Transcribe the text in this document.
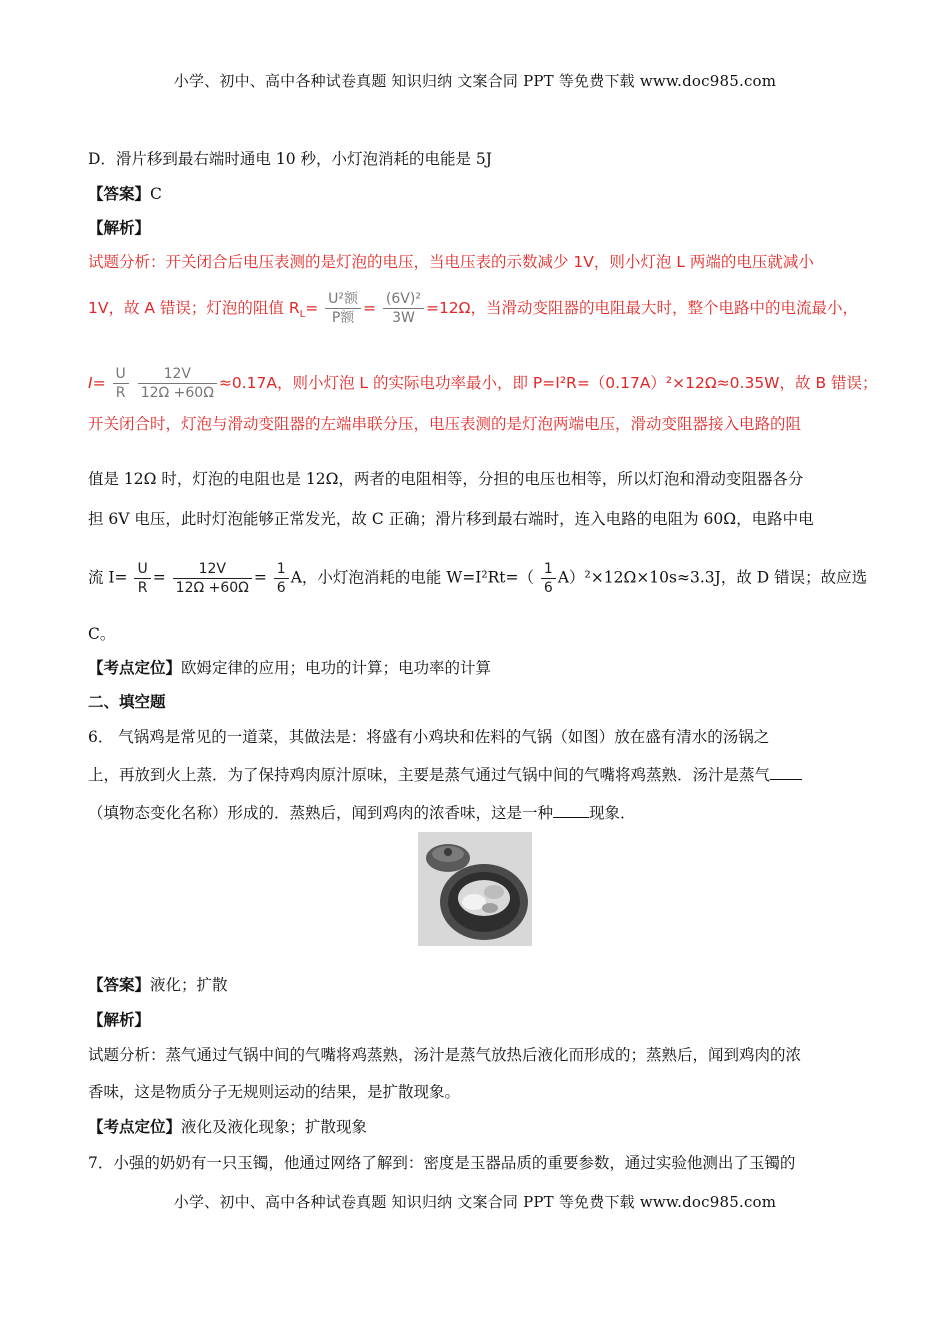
小学、初中、高中各种试卷真题 知识归纳 文案合同 PPT 等免费下载 www.doc985.com
D．滑片移到最右端时通电 10 秒，小灯泡消耗的电能是 5J
【答案】C
【解析】
试题分析：开关闭合后电压表测的是灯泡的电压，当电压表的示数减少 1V，则小灯泡 L 两端的电压就减小
1V，故 A 错误；灯泡的阻值 $R_L= \frac{\text{U²额}}{\text{P额}} = \frac{\text{(6V)²}}{3W} =12\Omega$，当滑动变阻器的电阻最大时，整个电路中的电流最小，
$I= \frac{U}{R}$
$\frac{12V}{12\Omega +60\Omega} \approx 0.17A$，则小灯泡 L 的实际电功率最小，即 P=I²R=（0.17A）²×12Ω≈0.35W，故 B 错误；
开关闭合时，灯泡与滑动变阻器的左端串联分压，电压表测的是灯泡两端电压，滑动变阻器接入电路的阻
值是 12Ω 时，灯泡的电阻也是 12Ω，两者的电阻相等，分担的电压也相等，所以灯泡和滑动变阻器各分
担 6V 电压，此时灯泡能够正常发光，故 C 正确；滑片移到最右端时，连入电路的电阻为 60Ω，电路中电
流 $I= \frac{U}{R} = \frac{12V}{12\Omega +60\Omega} = \frac{1}{6}$ A，小灯泡消耗的电能 $W=I^2Rt=( \frac{1}{6} A)^2\times 12\Omega\times 10s\approx 3.3J$，故 D 错误；故应选
C。
【考点定位】欧姆定律的应用；电功的计算；电功率的计算
二、填空题
6． 气锅鸡是常见的一道菜，其做法是：将盛有小鸡块和佐料的气锅（如图）放在盛有清水的汤锅之
上，再放到火上蒸．为了保持鸡肉原汁原味，主要是蒸气通过气锅中间的气嘴将鸡蒸熟．汤汁是蒸气
（填物态变化名称）形成的．蒸熟后，闻到鸡肉的浓香味，这是一种 现象．
【答案】液化；扩散
【解析】
试题分析：蒸气通过气锅中间的气嘴将鸡蒸熟，汤汁是蒸气放热后液化而形成的；蒸熟后，闻到鸡肉的浓
香味，这是物质分子无规则运动的结果，是扩散现象。
【考点定位】液化及液化现象；扩散现象
7．小强的奶奶有一只玉镯，他通过网络了解到：密度是玉器品质的重要参数，通过实验他测出了玉镯的
小学、初中、高中各种试卷真题 知识归纳 文案合同 PPT 等免费下载 www.doc985.com
